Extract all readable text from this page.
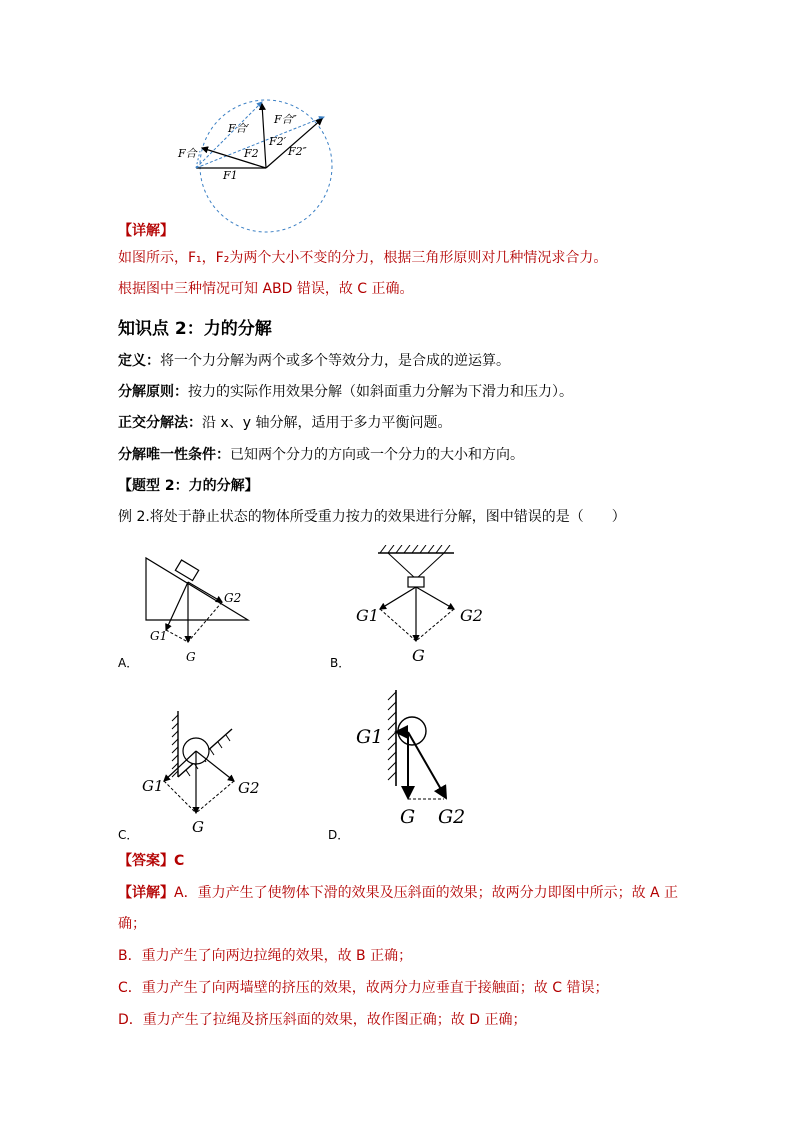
F合
F合′
F合″
F1
F2
F2′
F2″
【详解】
如图所示，F₁，F₂为两个大小不变的分力，根据三角形原则对几种情况求合力。
根据图中三种情况可知 ABD 错误，故 C 正确。
知识点 2：力的分解
定义：将一个力分解为两个或多个等效分力，是合成的逆运算。
分解原则：按力的实际作用效果分解（如斜面重力分解为下滑力和压力）。
正交分解法：沿 x、y 轴分解，适用于多力平衡问题。
分解唯一性条件：已知两个分力的方向或一个分力的大小和方向。
【题型 2：力的分解】
例 2.将处于静止状态的物体所受重力按力的效果进行分解，图中错误的是（　　）
G2
G1
G
A．
G1	G2
G
B．
G1	G2
G
C．
G1
G G2
D．
【答案】C
【详解】A．重力产生了使物体下滑的效果及压斜面的效果；故两分力即图中所示；故 A 正
确；
B．重力产生了向两边拉绳的效果，故 B 正确；
C．重力产生了向两墙壁的挤压的效果，故两分力应垂直于接触面；故 C 错误；
D．重力产生了拉绳及挤压斜面的效果，故作图正确；故 D 正确；
